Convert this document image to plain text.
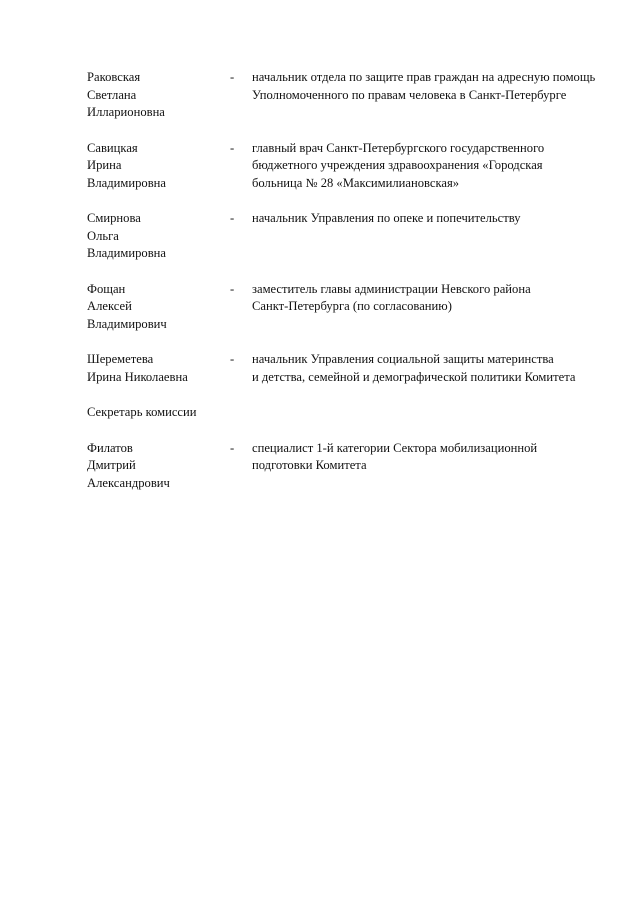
Раковская
Светлана
Илларионовна
-	начальник отдела по защите прав граждан на адресную помощь
Уполномоченного по правам человека в Санкт-Петербурге
Савицкая
Ирина
Владимировна
-	главный врач Санкт-Петербургского государственного
бюджетного учреждения здравоохранения «Городская
больница № 28 «Максимилиановская»
Смирнова
Ольга
Владимировна
-	начальник Управления по опеке и попечительству
Фощан
Алексей
Владимирович
-	заместитель главы администрации Невского района
Санкт-Петербурга (по согласованию)
Шереметева
Ирина Николаевна
-	начальник Управления социальной защиты материнства
и детства, семейной и демографической политики Комитета
Секретарь комиссии
Филатов
Дмитрий
Александрович
-	специалист 1-й категории Сектора мобилизационной
подготовки Комитета
